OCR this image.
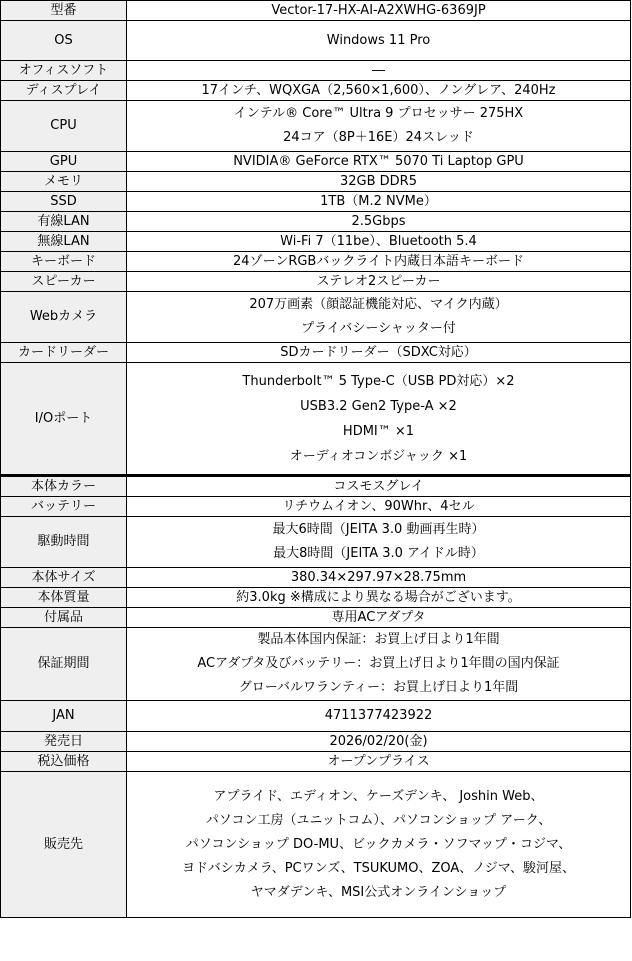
型番	Vector-17-HX-AI-A2XWHG-6369JP
OS	Windows 11 Pro
オフィスソフト	―
ディスプレイ	17インチ、WQXGA（2,560×1,600）、ノングレア、240Hz
CPU	インテル® Core™ Ultra 9 プロセッサー 275HX
24コア（8P＋16E）24スレッド

GPU	NVIDIA® GeForce RTX™ 5070 Ti Laptop GPU
メモリ	32GB DDR5
SSD	1TB（M.2 NVMe）
有線LAN	2.5Gbps
無線LAN	Wi-Fi 7（11be）、Bluetooth 5.4
キーボード	24ゾーンRGBバックライト内蔵日本語キーボード
スピーカー	ステレオ2スピーカー
Webカメラ	207万画素（顔認証機能対応、マイク内蔵）
プライバシーシャッター付

カードリーダー	SDカードリーダー（SDXC対応）
I/Oポート	Thunderbolt™ 5 Type-C（USB PD対応）×2
USB3.2 Gen2 Type-A ×2
HDMI™ ×1
オーディオコンボジャック ×1

本体カラー	コスモスグレイ
バッテリー	リチウムイオン、90Whr、4セル
駆動時間	最大6時間（JEITA 3.0 動画再生時）
最大8時間（JEITA 3.0 アイドル時）

本体サイズ	380.34×297.97×28.75mm
本体質量	約3.0kg ※構成により異なる場合がございます。
付属品	専用ACアダプタ
保証期間	製品本体国内保証：お買上げ日より1年間
ACアダプタ及びバッテリー：お買上げ日より1年間の国内保証
グローバルワランティー：お買上げ日より1年間

JAN	4711377423922
発売日	2026/02/20(金)
税込価格	オープンプライス
販売先	アプライド、エディオン、ケーズデンキ、 Joshin Web、
パソコン工房（ユニットコム）、パソコンショップ アーク、
パソコンショップ DO-MU、ビックカメラ・ソフマップ・コジマ、
ヨドバシカメラ、PCワンズ、TSUKUMO、ZOA、ノジマ、駿河屋、
ヤマダデンキ、MSI公式オンラインショップ
